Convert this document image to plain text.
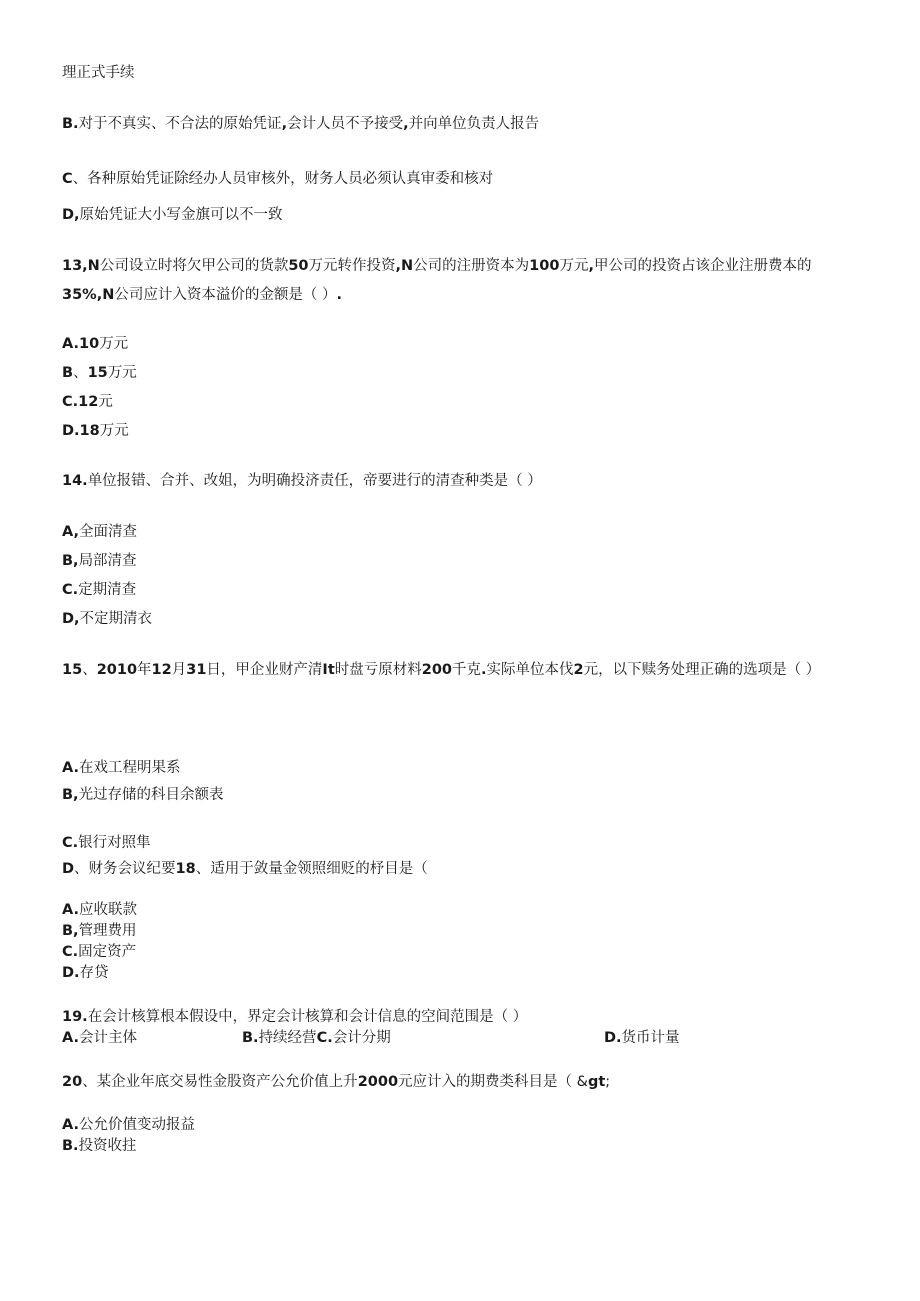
理正式手续
B.对于不真实、不合法的原始凭证,会计人员不予接受,并向单位负责人报告
C、各种原始凭证除经办人员审核外，财务人员必须认真审委和核对
D,原始凭证大小写金旗可以不一致
13,N公司设立时将欠甲公司的货款50万元转作投资,N公司的注册资本为100万元,甲公司的投资占该企业注册费本的
35%,N公司应计入资本溢价的金额是（ ）.
A.10万元
B、15万元
C.12元
D.18万元
14.单位报错、合并、改姐，为明确投济责任，帝要进行的清查种类是（ ）
A,全面清查
B,局部清查
C.定期清查
D,不定期清衣
15、2010年12月31日，甲企业财产清It时盘亏原材料200千克.实际单位本伐2元，以下赎务处理正确的选项是（ ）
A.在戏工程明果系
B,光过存储的科目余额表
C.银行对照隼
D、财务会议纪要18、适用于敛量金领照细贬的杼目是（
A.应收联款
B,管理费用
C.固定资产
D.存贷
19.在会计核算根本假设中，界定会计核算和会计信息的空间范围是（ ）
A.会计主体	B.持续经营C.会计分期	D.货币计量
20、某企业年底交易性金股资产公允价值上升2000元应计入的期费类科目是（ &gt;
A.公允价值变动报益
B.投资收拄
